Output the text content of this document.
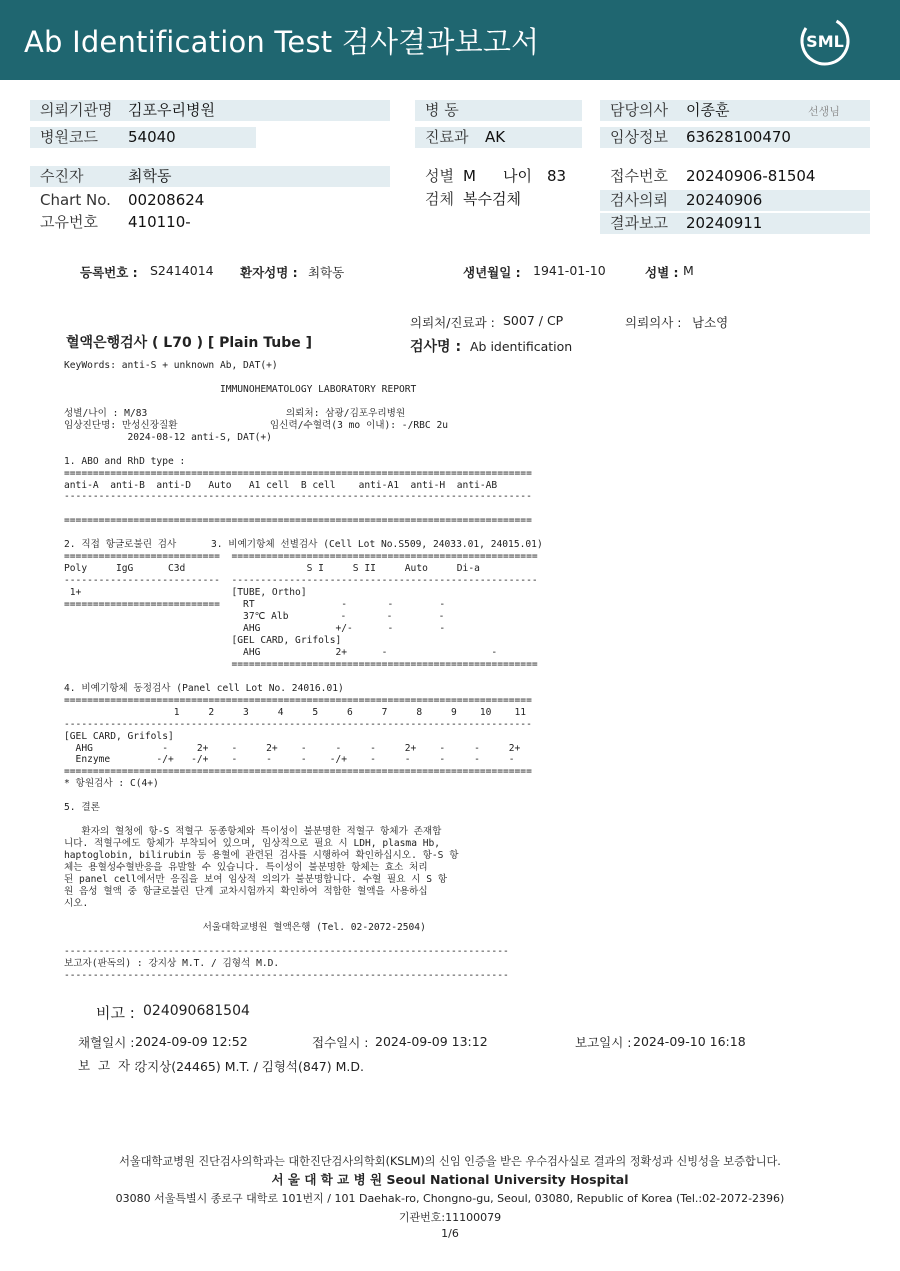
Ab Identification Test 검사결과보고서	SML
의뢰기관명 김포우리병원
병원코드 54040
수진자	최학동
Chart No. 00208624
고유번호 410110-
병 동
진료과 AK
성별 M 나이 83
검체 복수검체
담당의사 이종훈	선생님
임상정보 63628100470
접수번호 20240906-81504
검사의뢰 20240906
결과보고 20240911
등록번호 : S2414014 환자성명 : 최학동	생년월일 : 1941-01-10	성별 : M
의뢰처/진료과 : S007 / CP	의뢰의사 : 남소영
혈액은행검사 ( L70 ) [ Plain Tube ]	검사명 : Ab identification
KeyWords: anti-S + unknown Ab, DAT(+)

IMMUNOHEMATOLOGY LABORATORY REPORT

성별/나이 : M/83                        의뢰처: 삼광/김포우리병원
임상진단명: 만성신장질환                임신력/수혈력(3 mo 이내): -/RBC 2u
2024-08-12 anti-S, DAT(+)

1. ABO and RhD type :
=================================================================================
anti-A  anti-B  anti-D   Auto   A1 cell  B cell    anti-A1  anti-H  anti-AB
---------------------------------------------------------------------------------

=================================================================================

2. 직접 항글로불린 검사      3. 비예기항체 선별검사 (Cell Lot No.S509, 24033.01, 24015.01)
===========================  =====================================================
Poly     IgG      C3d                     S I     S II     Auto     Di-a
---------------------------  -----------------------------------------------------
1+                          [TUBE, Ortho]
===========================    RT               -       -        -
37℃ Alb         -       -        -
AHG             +/-      -        -
[GEL CARD, Grifols]
AHG             2+      -                  -
=====================================================

4. 비예기항체 동정검사 (Panel cell Lot No. 24016.01)
=================================================================================
1     2     3     4     5     6     7     8     9    10    11
---------------------------------------------------------------------------------
[GEL CARD, Grifols]
AHG            -     2+    -     2+    -     -     -     2+    -     -     2+
Enzyme        -/+   -/+    -     -     -    -/+    -     -     -     -     -
=================================================================================
* 항원검사 : C(4+)

5. 결론

환자의 혈청에 항-S 적혈구 동종항체와 특이성이 불분명한 적혈구 항체가 존재합
니다. 적혈구에도 항체가 부착되어 있으며, 임상적으로 필요 시 LDH, plasma Hb,
haptoglobin, bilirubin 등 용혈에 관련된 검사를 시행하여 확인하십시오. 항-S 항
체는 용혈성수혈반응을 유발할 수 있습니다. 특이성이 불분명한 항체는 효소 처리
된 panel cell에서만 응집을 보여 임상적 의의가 불분명합니다. 수혈 필요 시 S 항
원 음성 혈액 중 항글로불린 단계 교차시험까지 확인하여 적합한 혈액을 사용하십
시오.

서울대학교병원 혈액은행 (Tel. 02-2072-2504)

-----------------------------------------------------------------------------
보고자(판독의) : 강지상 M.T. / 김형석 M.D.
-----------------------------------------------------------------------------
비고 : 024090681504
채혈일시 : 2024-09-09 12:52	접수일시 : 2024-09-09 13:12	보고일시 : 2024-09-10 16:18
보  고  자 :
강지상(24465) M.T. / 김형석(847) M.D.
서울대학교병원 진단검사의학과는 대한진단검사의학회(KSLM)의 신임 인증을 받은 우수검사실로 결과의 정확성과 신빙성을 보증합니다.
서 울 대 학 교 병 원 Seoul National University Hospital
03080 서울특별시 종로구 대학로 101번지 / 101 Daehak-ro, Chongno-gu, Seoul, 03080, Republic of Korea (Tel.:02-2072-2396)
기관번호:11100079
1/6
